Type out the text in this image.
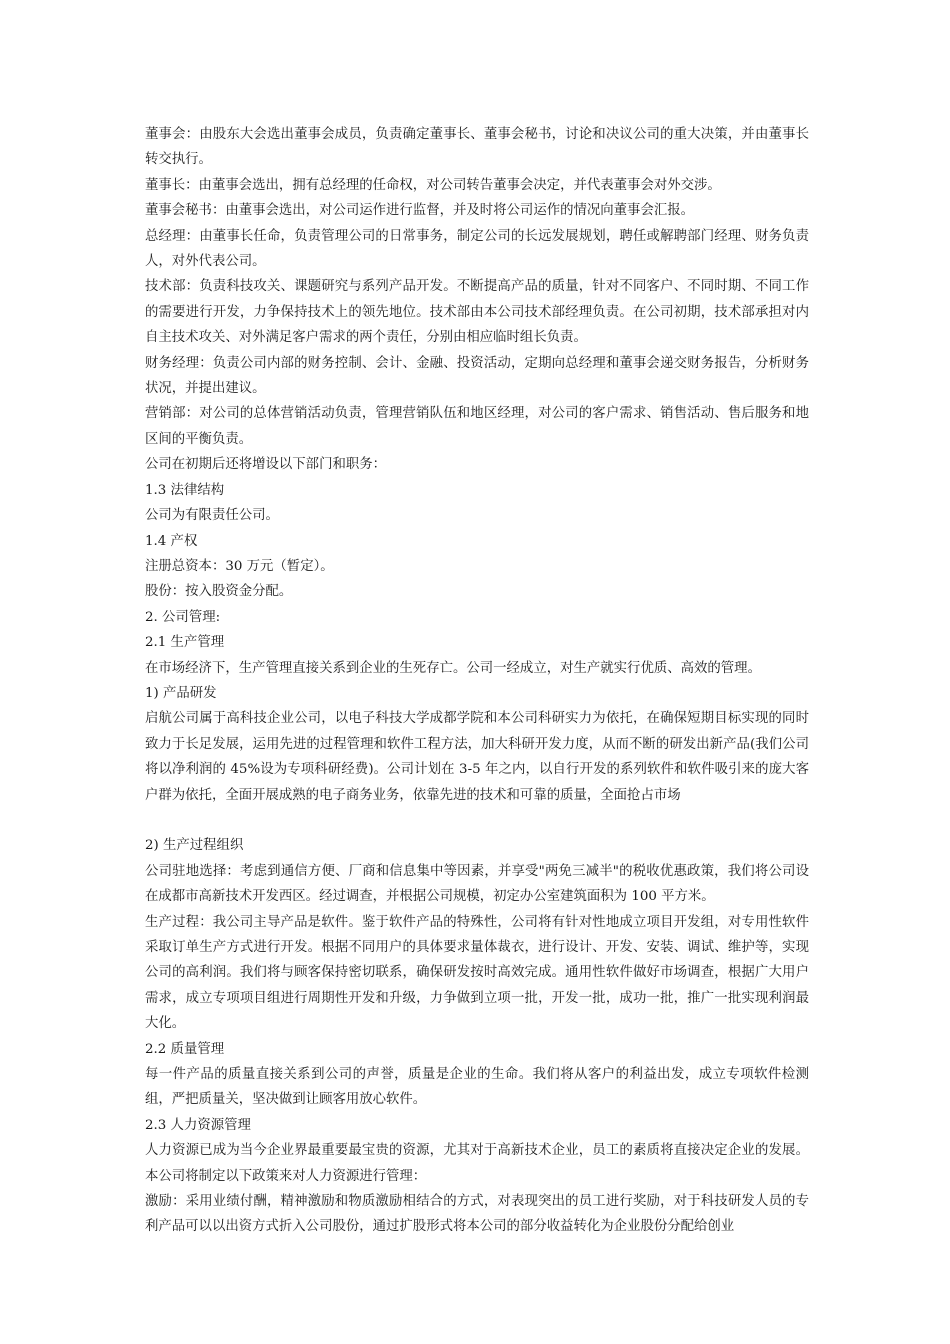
董事会：由股东大会选出董事会成员，负责确定董事长、董事会秘书，讨论和决议公司的重大决策，并由董事长转交执行。

董事长：由董事会选出，拥有总经理的任命权，对公司转告董事会决定，并代表董事会对外交涉。

董事会秘书：由董事会选出，对公司运作进行监督，并及时将公司运作的情况向董事会汇报。

总经理：由董事长任命，负责管理公司的日常事务，制定公司的长远发展规划，聘任或解聘部门经理、财务负责人，对外代表公司。

技术部：负责科技攻关、课题研究与系列产品开发。不断提高产品的质量，针对不同客户、不同时期、不同工作的需要进行开发，力争保持技术上的领先地位。技术部由本公司技术部经理负责。在公司初期，技术部承担对内自主技术攻关、对外满足客户需求的两个责任，分别由相应临时组长负责。

财务经理：负责公司内部的财务控制、会计、金融、投资活动，定期向总经理和董事会递交财务报告，分析财务状况，并提出建议。

营销部：对公司的总体营销活动负责，管理营销队伍和地区经理，对公司的客户需求、销售活动、售后服务和地区间的平衡负责。

公司在初期后还将增设以下部门和职务：

1.3 法律结构

公司为有限责任公司。

1.4 产权

注册总资本：30 万元（暂定）。

股份：按入股资金分配。

2. 公司管理:

2.1 生产管理

在市场经济下，生产管理直接关系到企业的生死存亡。公司一经成立，对生产就实行优质、高效的管理。

1) 产品研发

启航公司属于高科技企业公司，以电子科技大学成都学院和本公司科研实力为依托，在确保短期目标实现的同时致力于长足发展，运用先进的过程管理和软件工程方法，加大科研开发力度，从而不断的研发出新产品(我们公司将以净利润的 45%设为专项科研经费)。公司计划在 3-5 年之内，以自行开发的系列软件和软件吸引来的庞大客户群为依托，全面开展成熟的电子商务业务，依靠先进的技术和可靠的质量，全面抢占市场

2) 生产过程组织

公司驻地选择：考虑到通信方便、厂商和信息集中等因素，并享受"两免三减半"的税收优惠政策，我们将公司设在成都市高新技术开发西区。经过调查，并根据公司规模，初定办公室建筑面积为 100 平方米。

生产过程：我公司主导产品是软件。鉴于软件产品的特殊性，公司将有针对性地成立项目开发组，对专用性软件采取订单生产方式进行开发。根据不同用户的具体要求量体裁衣，进行设计、开发、安装、调试、维护等，实现公司的高利润。我们将与顾客保持密切联系，确保研发按时高效完成。通用性软件做好市场调查，根据广大用户需求，成立专项项目组进行周期性开发和升级，力争做到立项一批，开发一批，成功一批，推广一批实现利润最大化。

2.2 质量管理

每一件产品的质量直接关系到公司的声誉，质量是企业的生命。我们将从客户的利益出发，成立专项软件检测组，严把质量关，坚决做到让顾客用放心软件。

2.3 人力资源管理

人力资源已成为当今企业界最重要最宝贵的资源，尤其对于高新技术企业，员工的素质将直接决定企业的发展。本公司将制定以下政策来对人力资源进行管理：

激励：采用业绩付酬，精神激励和物质激励相结合的方式，对表现突出的员工进行奖励，对于科技研发人员的专利产品可以以出资方式折入公司股份，通过扩股形式将本公司的部分收益转化为企业股份分配给创业
